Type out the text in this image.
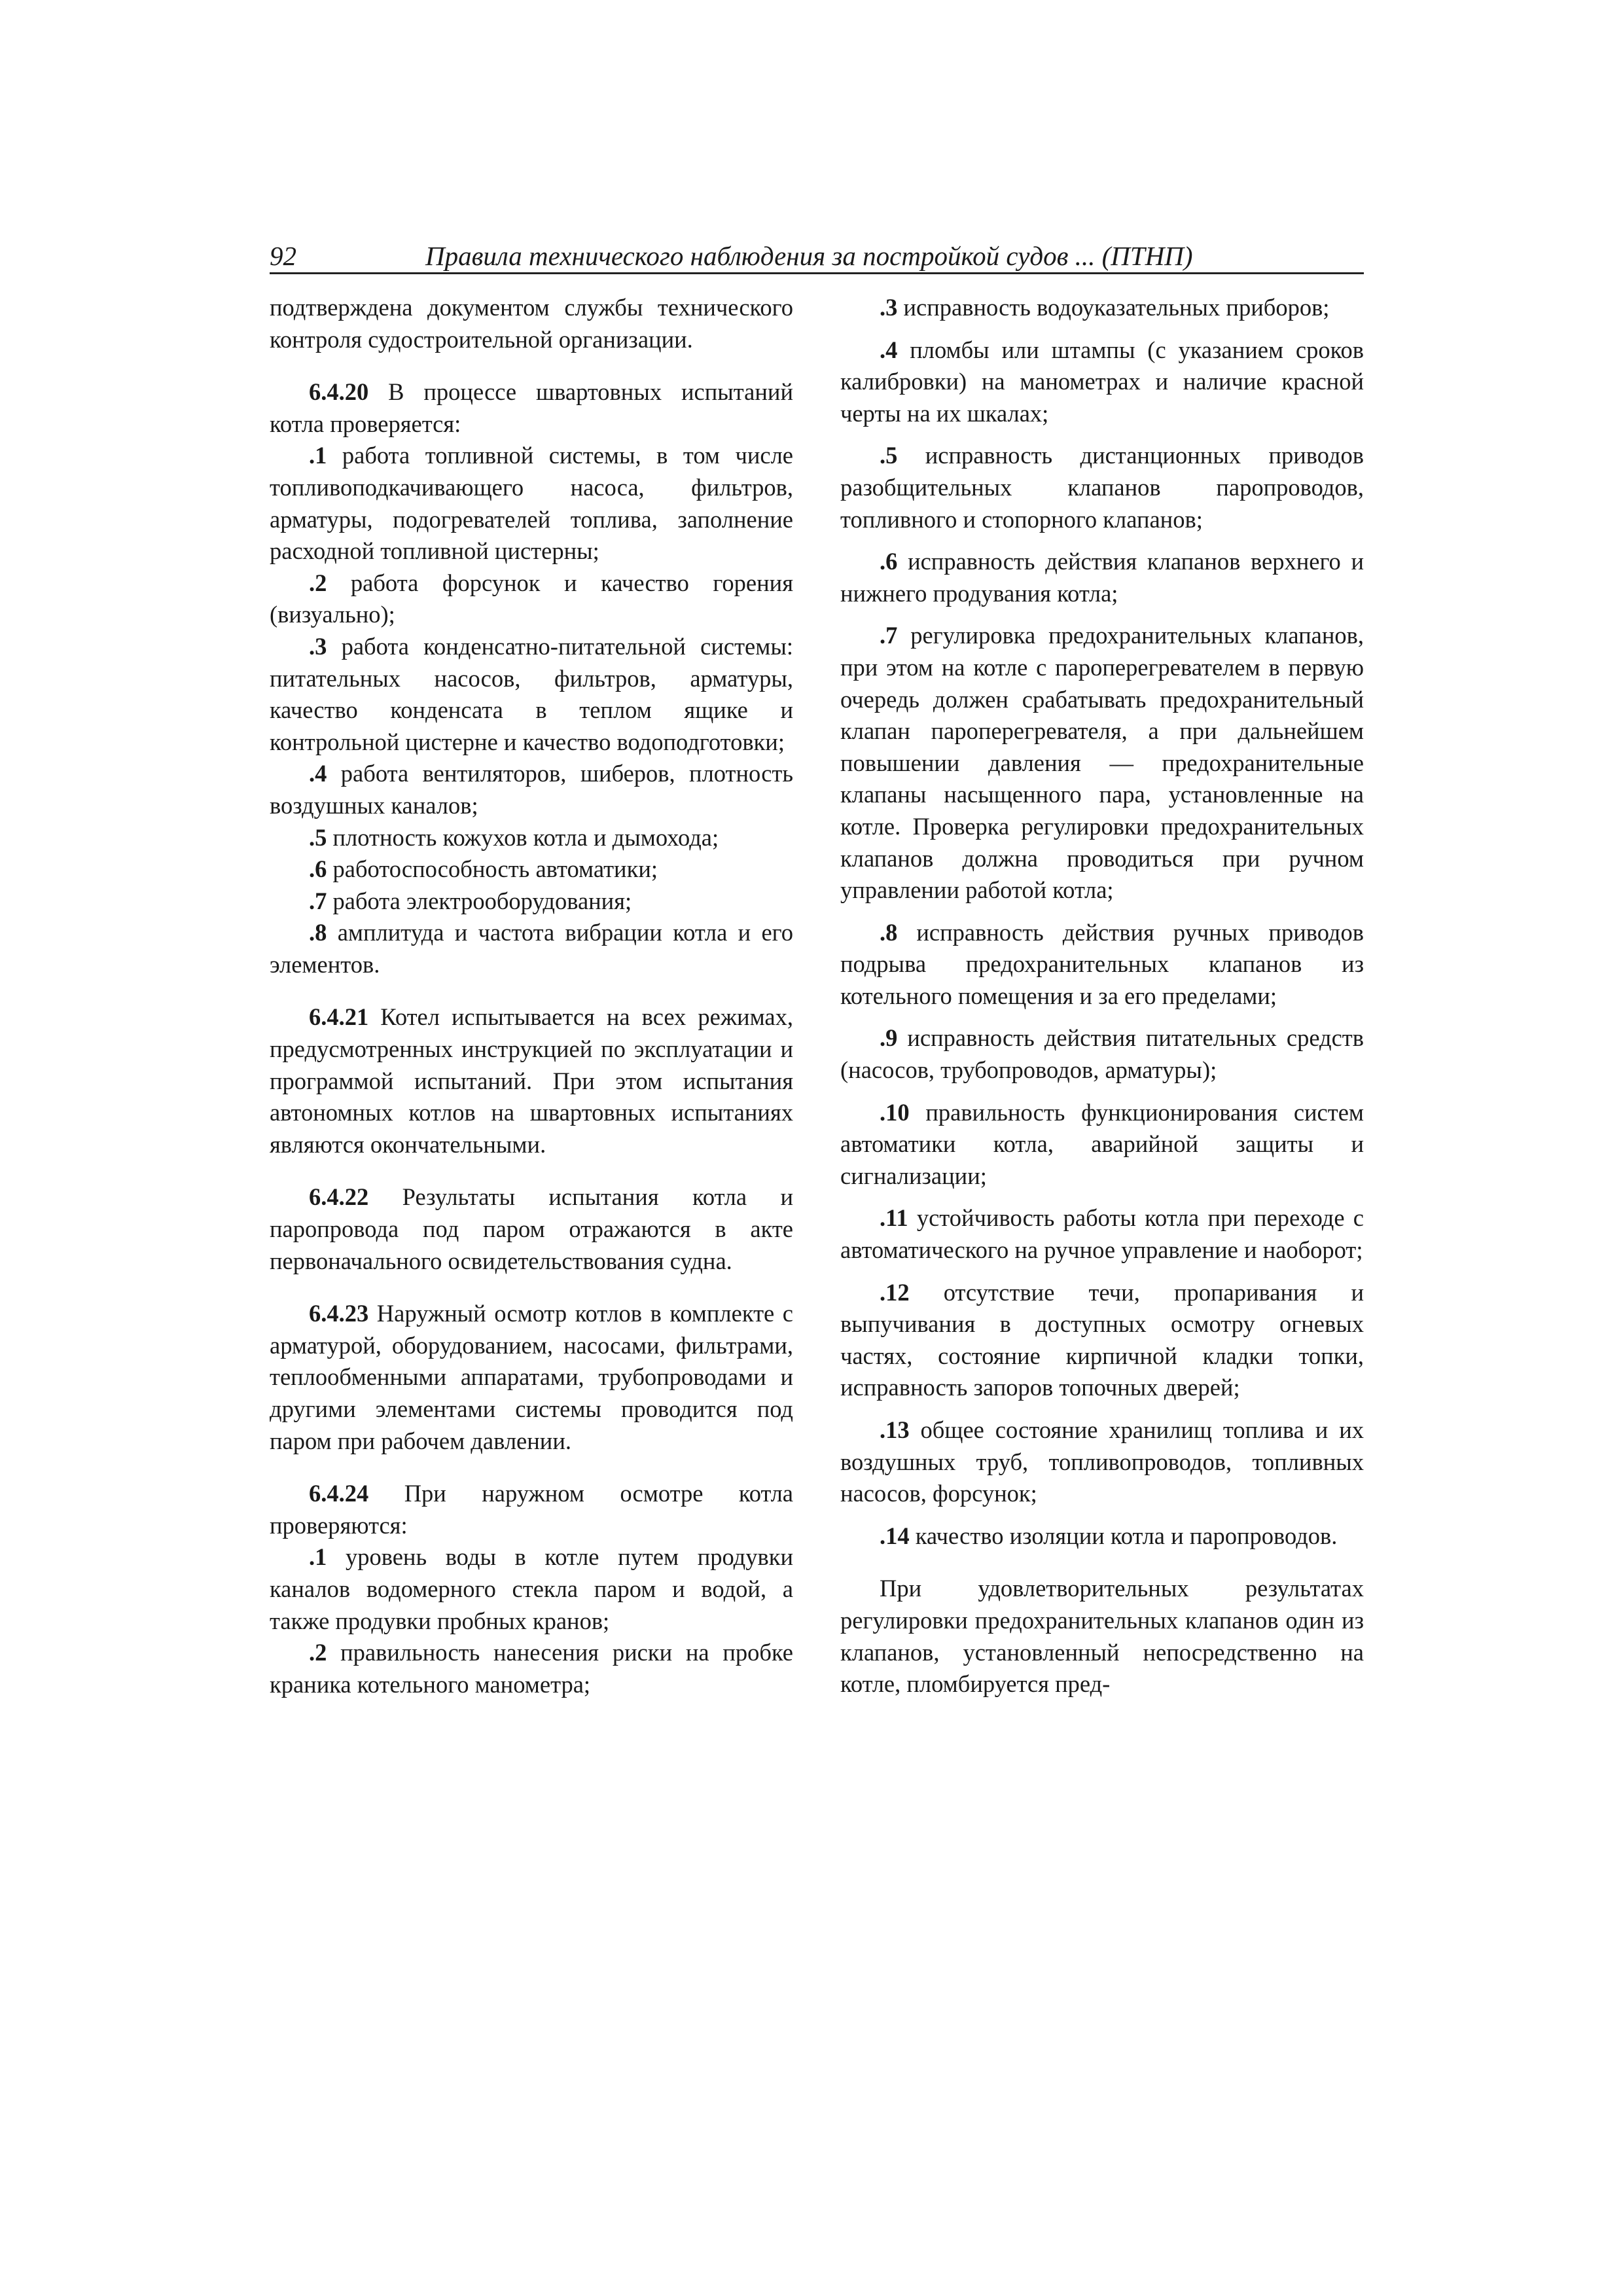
92	Правила технического наблюдения за постройкой судов ... (ПТНП)

подтверждена документом службы технического контроля судостроительной организации.

6.4.20 В процессе швартовных испытаний котла проверяется:

.1 работа топливной системы, в том числе топливоподкачивающего насоса, фильтров, арматуры, подогревателей топлива, заполнение расходной топливной цистерны;

.2 работа форсунок и качество горения (визуально);

.3 работа конденсатно-питательной системы: питательных насосов, фильтров, арматуры, качество конденсата в теплом ящике и контрольной цистерне и качество водоподготовки;

.4 работа вентиляторов, шиберов, плотность воздушных каналов;

.5 плотность кожухов котла и дымохода;

.6 работоспособность автоматики;

.7 работа электрооборудования;

.8 амплитуда и частота вибрации котла и его элементов.

6.4.21 Котел испытывается на всех режимах, предусмотренных инструкцией по эксплуатации и программой испытаний. При этом испытания автономных котлов на швартовных испытаниях являются окончательными.

6.4.22 Результаты испытания котла и паропровода под паром отражаются в акте первоначального освидетельствования судна.

6.4.23 Наружный осмотр котлов в комплекте с арматурой, оборудованием, насосами, фильтрами, теплообменными аппаратами, трубопроводами и другими элементами системы проводится под паром при рабочем давлении.

6.4.24 При наружном осмотре котла проверяются:

.1 уровень воды в котле путем продувки каналов водомерного стекла паром и водой, а также продувки пробных кранов;

.2 правильность нанесения риски на пробке краника котельного манометра;

.3 исправность водоуказательных приборов;

.4 пломбы или штампы (с указанием сроков калибровки) на манометрах и наличие красной черты на их шкалах;

.5 исправность дистанционных приводов разобщительных клапанов паропроводов, топливного и стопорного клапанов;

.6 исправность действия клапанов верхнего и нижнего продувания котла;

.7 регулировка предохранительных клапанов, при этом на котле с пароперегревателем в первую очередь должен срабатывать предохранительный клапан пароперегревателя, а при дальнейшем повышении давления — предохранительные клапаны насыщенного пара, установленные на котле. Проверка регулировки предохранительных клапанов должна проводиться при ручном управлении работой котла;

.8 исправность действия ручных приводов подрыва предохранительных клапанов из котельного помещения и за его пределами;

.9 исправность действия питательных средств (насосов, трубопроводов, арматуры);

.10 правильность функционирования систем автоматики котла, аварийной защиты и сигнализации;

.11 устойчивость работы котла при переходе с автоматического на ручное управление и наоборот;

.12 отсутствие течи, пропаривания и выпучивания в доступных осмотру огневых частях, состояние кирпичной кладки топки, исправность запоров топочных дверей;

.13 общее состояние хранилищ топлива и их воздушных труб, топливопроводов, топливных насосов, форсунок;

.14 качество изоляции котла и паропроводов.

При удовлетворительных результатах регулировки предохранительных клапанов один из клапанов, установленный непосредственно на котле, пломбируется пред-
